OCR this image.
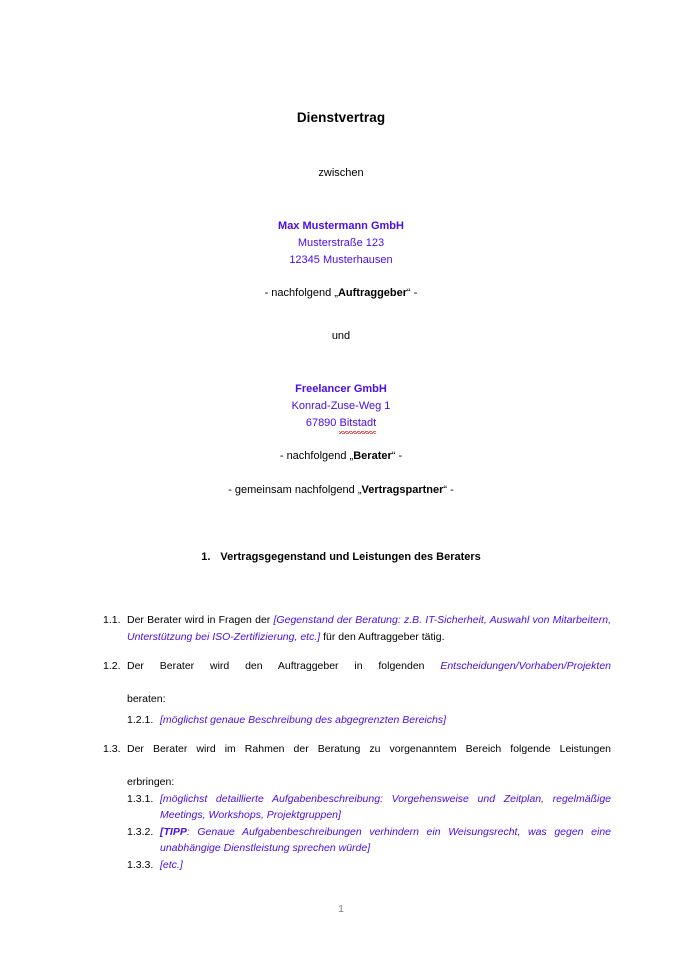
Dienstvertrag
zwischen
Max Mustermann GmbH
Musterstraße 123
12345 Musterhausen
- nachfolgend „Auftraggeber“ -
und
Freelancer GmbH
Konrad-Zuse-Weg 1
67890 Bitstadt
- nachfolgend „Berater“ -
- gemeinsam nachfolgend „Vertragspartner“ -
1. Vertragsgegenstand und Leistungen des Beraters
1.1. Der Berater wird in Fragen der [Gegenstand der Beratung: z.B. IT-Sicherheit, Auswahl von Mitarbeitern, Unterstützung bei ISO-Zertifizierung, etc.] für den Auftraggeber tätig.
1.2. Der Berater wird den Auftraggeber in folgenden Entscheidungen/Vorhaben/Projekten
beraten:
1.2.1. [möglichst genaue Beschreibung des abgegrenzten Bereichs]
1.3. Der Berater wird im Rahmen der Beratung zu vorgenanntem Bereich folgende Leistungen
erbringen:
1.3.1. [möglichst detaillierte Aufgabenbeschreibung: Vorgehensweise und Zeitplan, regelmäßige Meetings, Workshops, Projektgruppen]
1.3.2. [TIPP: Genaue Aufgabenbeschreibungen verhindern ein Weisungsrecht, was gegen eine unabhängige Dienstleistung sprechen würde]
1.3.3. [etc.]
1
